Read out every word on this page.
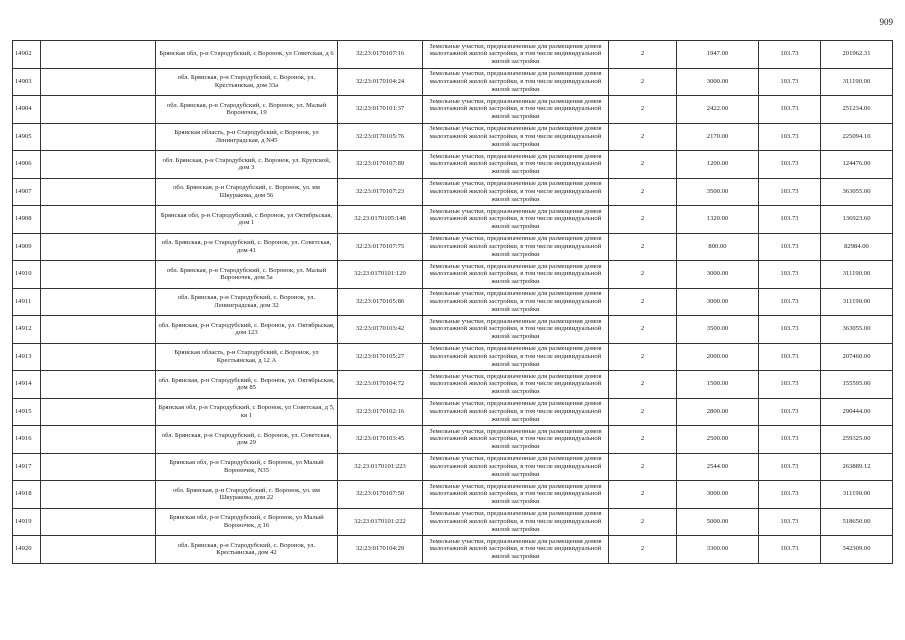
909
14902		Брянская обл, р-н Стародубский, с Воронок, ул Советская, д 6	32:23:0170107:16	Земельные участки, предназначенные для размещения домов малоэтажной жилой застройки, в том числе индивидуальной жилой застройки	2	1947.00	103.73	201962.31
14903		обл. Брянская, р-н Стародубский, с. Воронок, ул. Крестьянская, дом 33а	32:23:0170104:24	Земельные участки, предназначенные для размещения домов малоэтажной жилой застройки, в том числе индивидуальной жилой застройки	2	3000.00	103.73	311190.00
14904		обл. Брянская, р-н Стародубский, с. Воронок, ул. Малый Вороночек, 19	32:23:0170101:37	Земельные участки, предназначенные для размещения домов малоэтажной жилой застройки, в том числе индивидуальной жилой застройки	2	2422.00	103.73	251234.06
14905		Брянская область, р-н Стародубский, с Воронок, ул Ленинградская, д N45	32:23:0170105:76	Земельные участки, предназначенные для размещения домов малоэтажной жилой застройки, в том числе индивидуальной жилой застройки	2	2170.00	103.73	225094.10
14906		обл. Брянская, р-н Стародубский, с. Воронок, ул. Крупской, дом 3	32:23:0170107:89	Земельные участки, предназначенные для размещения домов малоэтажной жилой застройки, в том числе индивидуальной жилой застройки	2	1200.00	103.73	124476.00
14907		обл. Брянская, р-н Стародубский, с. Воронок, ул. им Шкуракова, дом 56	32:23:0170107:23	Земельные участки, предназначенные для размещения домов малоэтажной жилой застройки, в том числе индивидуальной жилой застройки	2	3500.00	103.73	363055.00
14908		Брянская обл, р-н Стародубский, с Воронок, ул Октябрьская, дом 1	32:23:0170105:148	Земельные участки, предназначенные для размещения домов малоэтажной жилой застройки, в том числе индивидуальной жилой застройки	2	1320.00	103.73	136923.60
14909		обл. Брянская, р-н Стародубский, с. Воронок, ул. Советская, дом 41	32:23:0170107:75	Земельные участки, предназначенные для размещения домов малоэтажной жилой застройки, в том числе индивидуальной жилой застройки	2	800.00	103.73	82984.00
14910		обл. Брянская, р-н Стародубский, с. Воронок, ул. Малый Вороночек, дом 5а	32:23:0170101:120	Земельные участки, предназначенные для размещения домов малоэтажной жилой застройки, в том числе индивидуальной жилой застройки	2	3000.00	103.73	311190.00
14911		обл. Брянская, р-н Стародубский, с. Воронок, ул. Ленинградская, дом 32	32:23:0170105:86	Земельные участки, предназначенные для размещения домов малоэтажной жилой застройки, в том числе индивидуальной жилой застройки	2	3000.00	103.73	311190.00
14912		обл. Брянская, р-н Стародубский, с. Воронок, ул. Октябрьская, дом 123	32:23:0170103:42	Земельные участки, предназначенные для размещения домов малоэтажной жилой застройки, в том числе индивидуальной жилой застройки	2	3500.00	103.73	363055.00
14913		Брянская область, р-н Стародубский, с Воронок, ул Крестьянская, д 12 А	32:23:0170105:27	Земельные участки, предназначенные для размещения домов малоэтажной жилой застройки, в том числе индивидуальной жилой застройки	2	2000.00	103.73	207460.00
14914		обл. Брянская, р-н Стародубский, с. Воронок, ул. Октябрьская, дом 85	32:23:0170104:72	Земельные участки, предназначенные для размещения домов малоэтажной жилой застройки, в том числе индивидуальной жилой застройки	2	1500.00	103.73	155595.00
14915		Брянская обл, р-н Стародубский, с Воронок, ул Советская, д 5, кв 1	32:23:0170102:16	Земельные участки, предназначенные для размещения домов малоэтажной жилой застройки, в том числе индивидуальной жилой застройки	2	2800.00	103.73	290444.00
14916		обл. Брянская, р-н Стародубский, с. Воронок, ул. Советская, дом 29	32:23:0170103:45	Земельные участки, предназначенные для размещения домов малоэтажной жилой застройки, в том числе индивидуальной жилой застройки	2	2500.00	103.73	259325.00
14917		Брянская обл, р-н Стародубский, с Воронок, ул Малый Вороночек, N35	32:23:0170101:223	Земельные участки, предназначенные для размещения домов малоэтажной жилой застройки, в том числе индивидуальной жилой застройки	2	2544.00	103.73	263889.12
14918		обл. Брянская, р-н Стародубский, с. Воронок, ул. им Шкуракова, дом 22	32:23:0170107:50	Земельные участки, предназначенные для размещения домов малоэтажной жилой застройки, в том числе индивидуальной жилой застройки	2	3000.00	103.73	311190.00
14919		Брянская обл, р-н Стародубский, с Воронок, ул Малый Вороночек, д 16	32:23:0170101:222	Земельные участки, предназначенные для размещения домов малоэтажной жилой застройки, в том числе индивидуальной жилой застройки	2	5000.00	103.73	518650.00
14920		обл. Брянская, р-н Стародубский, с. Воронок, ул. Крестьянская, дом 42	32:23:0170104:29	Земельные участки, предназначенные для размещения домов малоэтажной жилой застройки, в том числе индивидуальной жилой застройки	2	3300.00	103.73	342309.00
